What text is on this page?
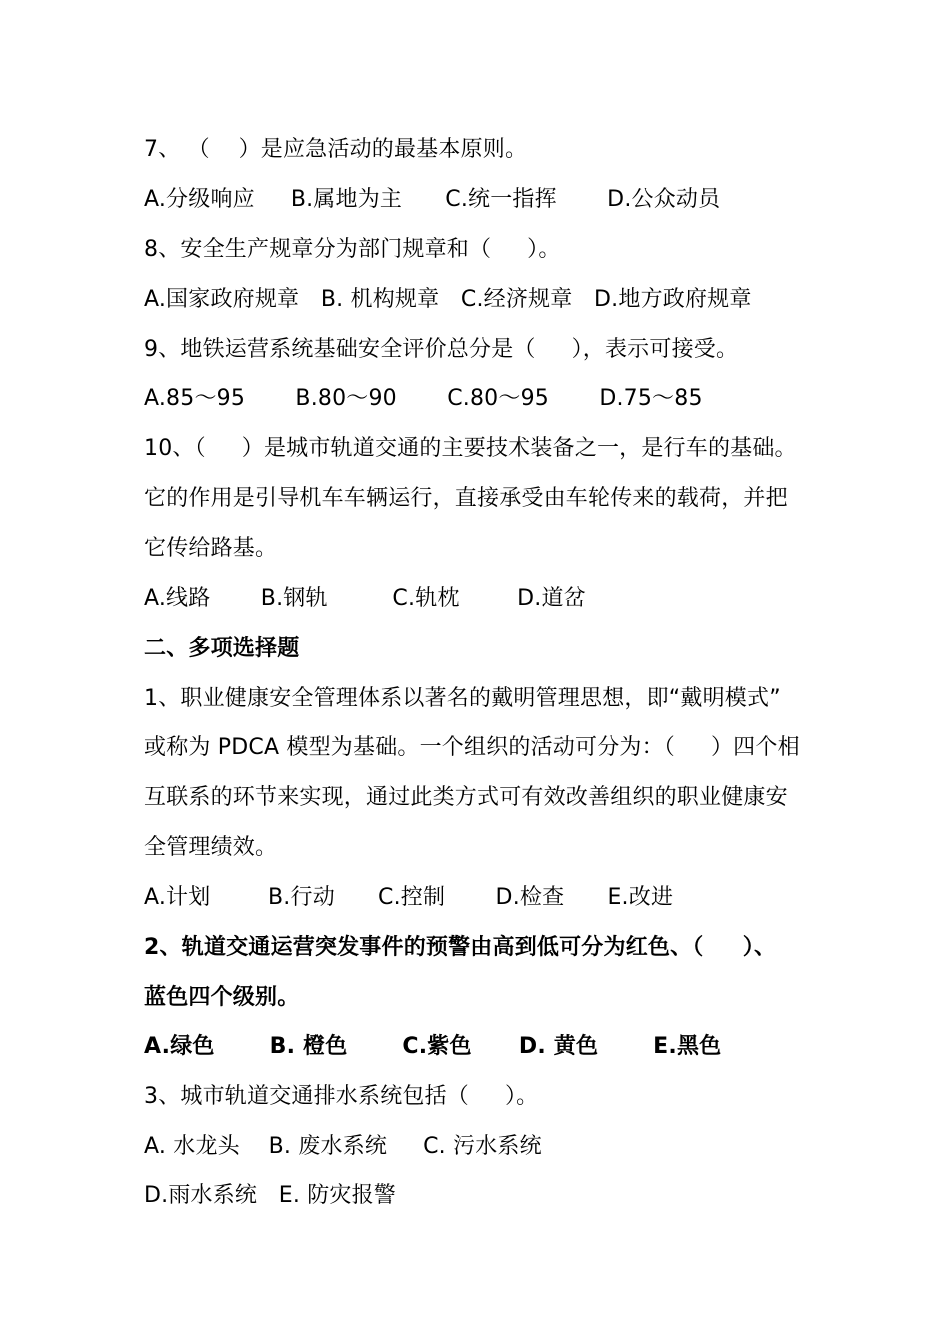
7、 （    ）是应急活动的最基本原则。
A.分级响应     B.属地为主      C.统一指挥       D.公众动员
8、安全生产规章分为部门规章和（     ）。
A.国家政府规章   B. 机构规章   C.经济规章   D.地方政府规章
9、地铁运营系统基础安全评价总分是（     ），表示可接受。
A.85～95       B.80～90       C.80～95       D.75～85
10、（     ）是城市轨道交通的主要技术装备之一，是行车的基础。
它的作用是引导机车车辆运行，直接承受由车轮传来的载荷，并把
它传给路基。
A.线路       B.钢轨         C.轨枕        D.道岔
二、多项选择题
1、职业健康安全管理体系以著名的戴明管理思想，即“戴明模式”
或称为 PDCA 模型为基础。一个组织的活动可分为：（     ）四个相
互联系的环节来实现，通过此类方式可有效改善组织的职业健康安
全管理绩效。
A.计划        B.行动      C.控制       D.检查      E.改进
2、轨道交通运营突发事件的预警由高到低可分为红色、（     ）、
蓝色四个级别。
A.绿色       B. 橙色       C.紫色      D. 黄色       E.黑色
3、城市轨道交通排水系统包括（     ）。
A. 水龙头    B. 废水系统     C. 污水系统
D.雨水系统   E. 防灾报警
